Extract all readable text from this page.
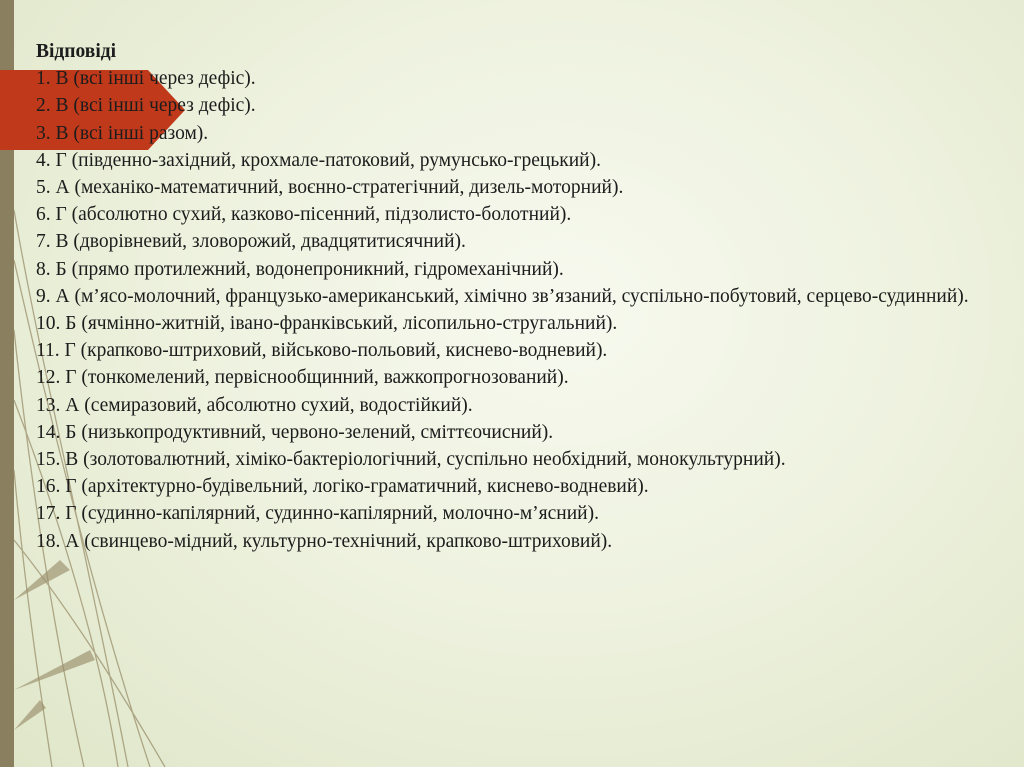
Відповіді

1. В (всі інші через дефіс).
2. В (всі інші через дефіс).
3. В (всі інші разом).
4. Г (південно-західний, крохмале-патоковий, румунсько-грецький).
5. А (механіко-математичний, воєнно-стратегічний, дизель-моторний).
6. Г (абсолютно сухий, казково-пісенний, підзолисто-болотний).
7. В (дворівневий, зловорожий, двадцятитисячний).
8. Б (прямо протилежний, водонепроникний, гідромеханічний).
9. А (м’ясо-молочний, французько-американський, хімічно зв’язаний, суспільно-побутовий, серцево-судинний).
10. Б (ячмінно-житній, івано-франківський, лісопильно-стругальний).
11. Г (крапково-штриховий, військово-польовий, киснево-водневий).
12. Г (тонкомелений, первіснообщинний, важкопрогнозований).
13. А (семиразовий, абсолютно сухий, водостійкий).
14. Б (низькопродуктивний, червоно-зелений, сміттєочисний).
15. В (золотовалютний, хіміко-бактеріологічний, суспільно необхідний, монокультурний).
16. Г (архітектурно-будівельний, логіко-граматичний, киснево-водневий).
17. Г (судинно-капілярний, судинно-капілярний, молочно-м’ясний).
18. А (свинцево-мідний, культурно-технічний, крапково-штриховий).
